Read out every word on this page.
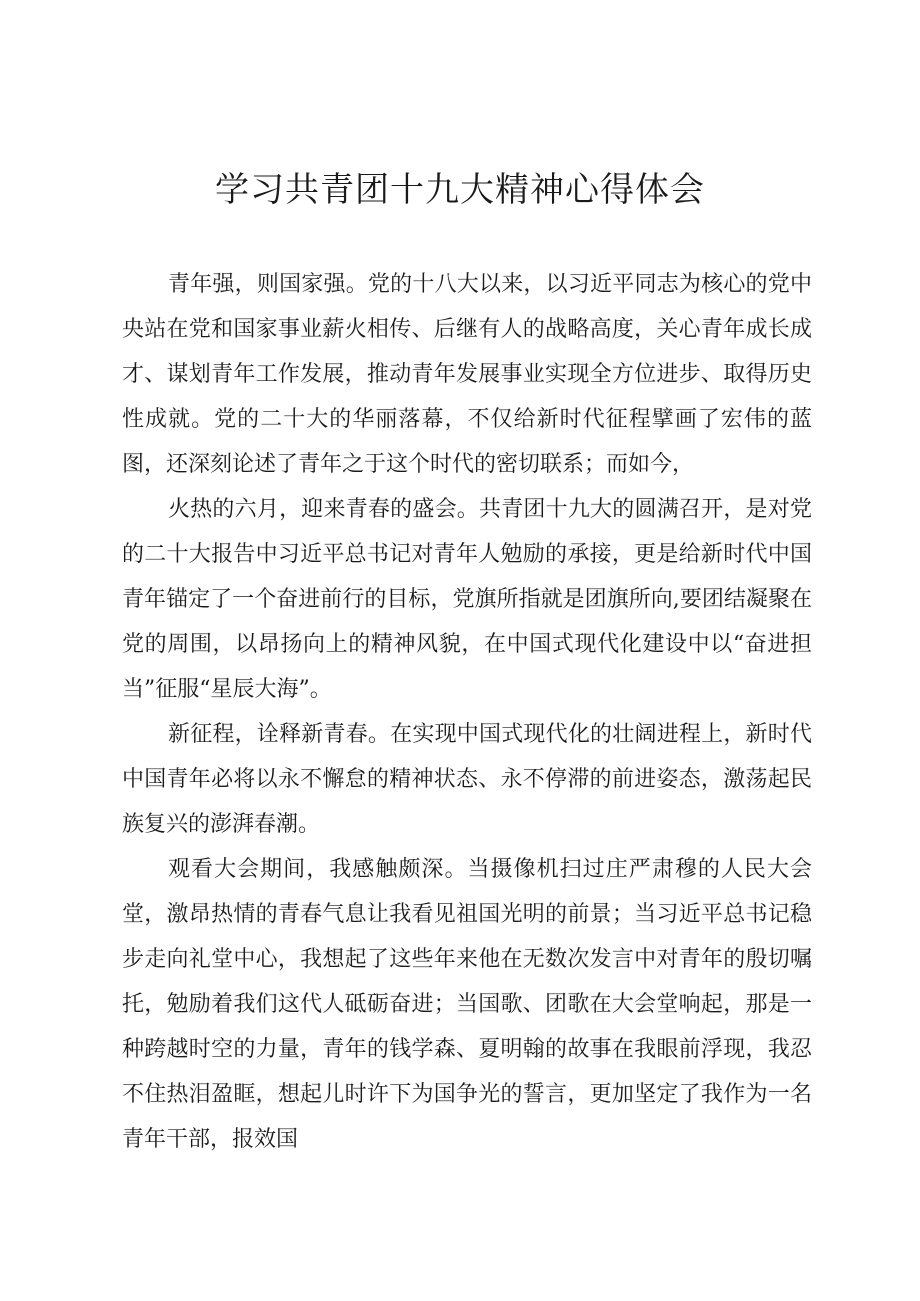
学习共青团十九大精神心得体会

青年强，则国家强。党的十八大以来，以习近平同志为核心的党中央站在党和国家事业薪火相传、后继有人的战略高度，关心青年成长成才、谋划青年工作发展，推动青年发展事业实现全方位进步、取得历史性成就。党的二十大的华丽落幕，不仅给新时代征程擘画了宏伟的蓝图，还深刻论述了青年之于这个时代的密切联系；而如今，

火热的六月，迎来青春的盛会。共青团十九大的圆满召开，是对党的二十大报告中习近平总书记对青年人勉励的承接，更是给新时代中国青年锚定了一个奋进前行的目标，党旗所指就是团旗所向,要团结凝聚在党的周围，以昂扬向上的精神风貌，在中国式现代化建设中以“奋进担当”征服“星辰大海”。

新征程，诠释新青春。在实现中国式现代化的壮阔进程上，新时代中国青年必将以永不懈怠的精神状态、永不停滞的前进姿态，激荡起民族复兴的澎湃春潮。

观看大会期间，我感触颇深。当摄像机扫过庄严肃穆的人民大会堂，激昂热情的青春气息让我看见祖国光明的前景；当习近平总书记稳步走向礼堂中心，我想起了这些年来他在无数次发言中对青年的殷切嘱托，勉励着我们这代人砥砺奋进；当国歌、团歌在大会堂响起，那是一种跨越时空的力量，青年的钱学森、夏明翰的故事在我眼前浮现，我忍不住热泪盈眶，想起儿时许下为国争光的誓言，更加坚定了我作为一名青年干部，报效国
